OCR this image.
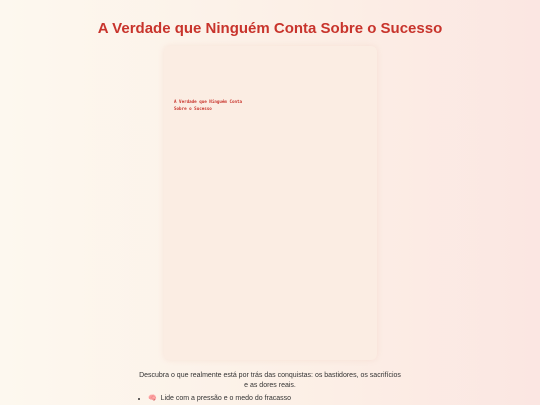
A Verdade que Ninguém Conta Sobre o Sucesso

A Verdade que Ninguém Conta Sobre o Sucesso

Descubra o que realmente está por trás das conquistas: os bastidores, os sacrifícios e as dores reais.

• 🧠 Lide com a pressão e o medo do fracasso
